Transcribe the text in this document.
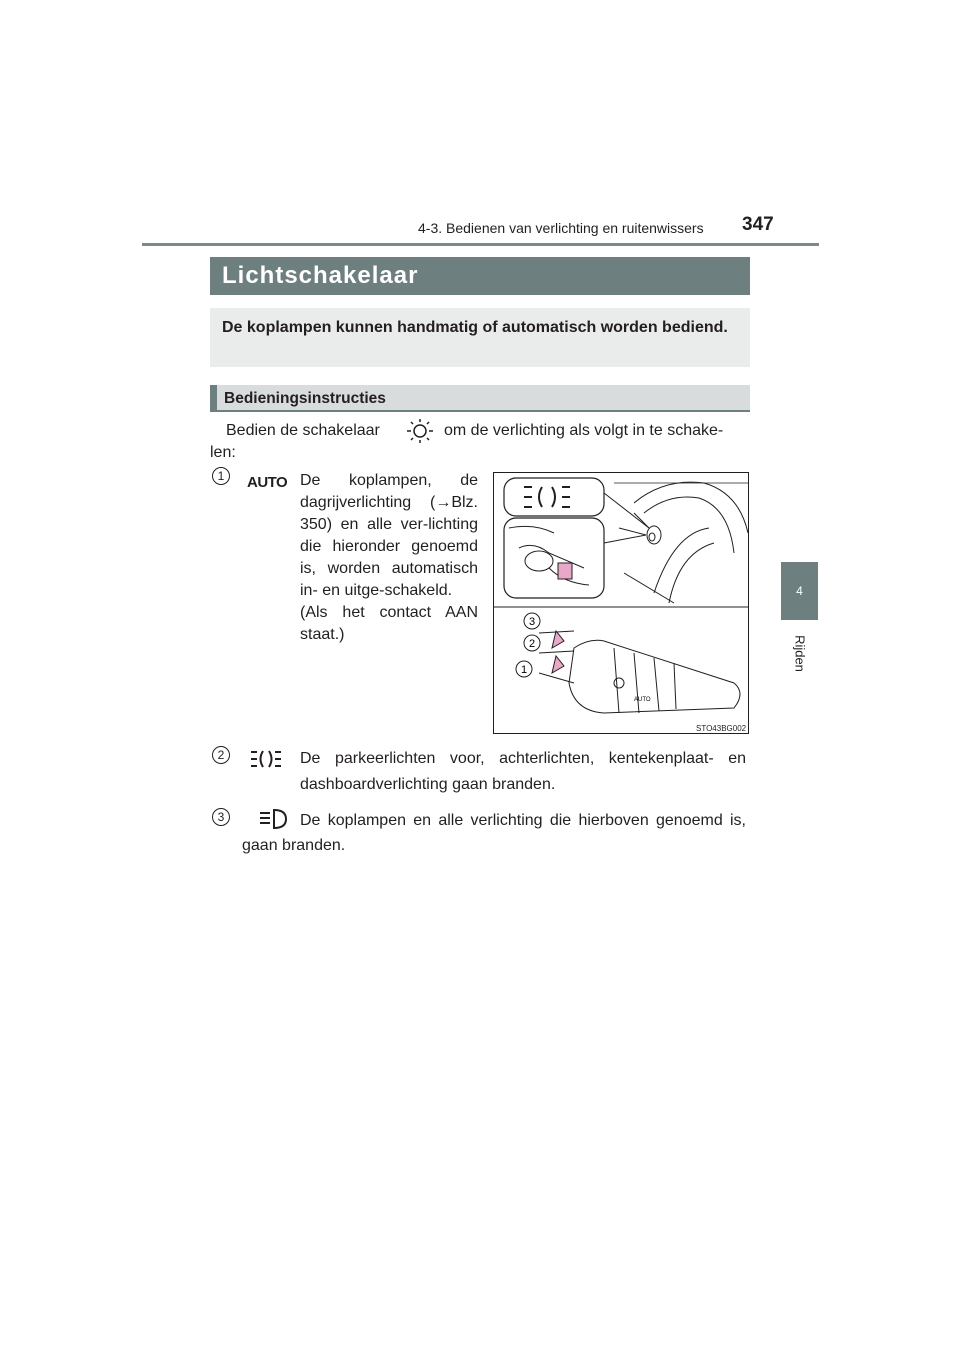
4-3. Bedienen van verlichting en ruitenwissers 347
4
Rijden
Lichtschakelaar
De koplampen kunnen handmatig of automatisch worden bediend.
Bedieningsinstructies
Bedien de schakelaar	om de verlichting als volgt in te schake-
len:
1	AUTO De koplampen, de dagrijverlichting (→Blz. 350) en alle ver-lichting die hieronder genoemd is, worden automatisch in- en uitge-schakeld.
(Als het contact AAN staat.)
3
2
1
AUTO
STO43BG002
2	De parkeerlichten voor, achterlichten, kentekenplaat- en dashboardverlichting gaan branden.
3	De koplampen en alle verlichting die hierboven genoemd is, gaan branden.
